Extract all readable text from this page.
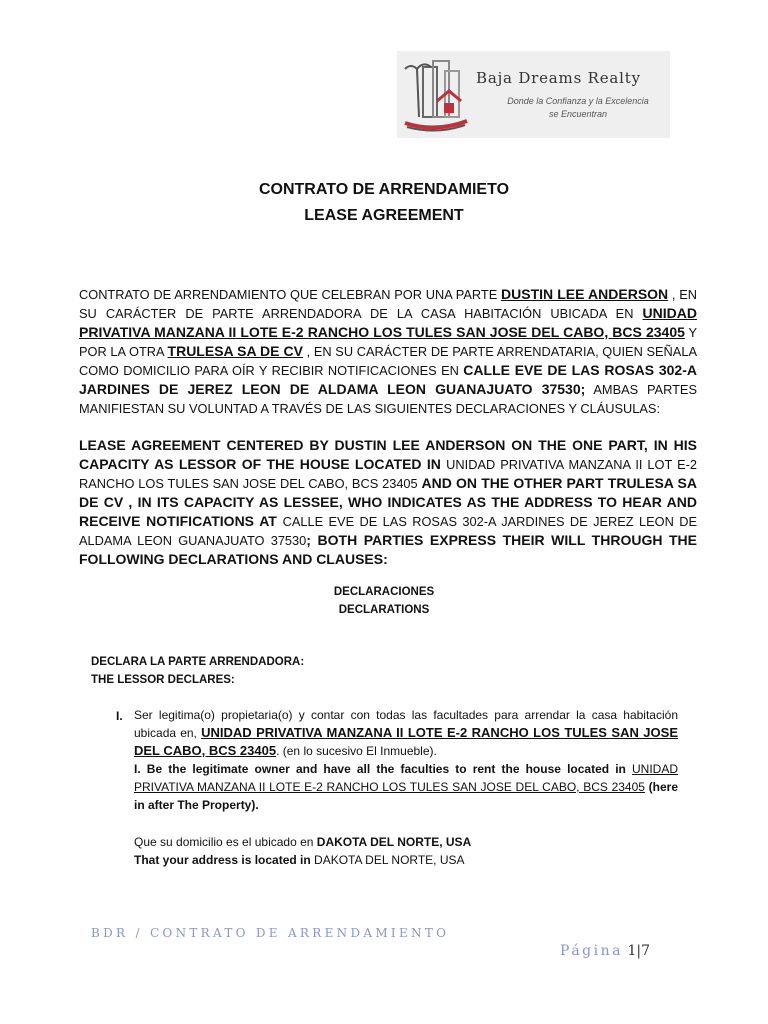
Baja Dreams Realty
Donde la Confianza y la Excelencia
se Encuentran
CONTRATO DE ARRENDAMIETO
LEASE AGREEMENT
CONTRATO DE ARRENDAMIENTO QUE CELEBRAN POR UNA PARTE DUSTIN LEE ANDERSON , EN SU CARÁCTER DE PARTE ARRENDADORA DE LA CASA HABITACIÓN UBICADA EN UNIDAD PRIVATIVA MANZANA II LOTE E-2 RANCHO LOS TULES SAN JOSE DEL CABO, BCS 23405 Y POR LA OTRA TRULESA SA DE CV , EN SU CARÁCTER DE PARTE ARRENDATARIA, QUIEN SEÑALA COMO DOMICILIO PARA OÍR Y RECIBIR NOTIFICACIONES EN CALLE EVE DE LAS ROSAS 302-A JARDINES DE JEREZ LEON DE ALDAMA LEON GUANAJUATO 37530; AMBAS PARTES MANIFIESTAN SU VOLUNTAD A TRAVÉS DE LAS SIGUIENTES DECLARACIONES Y CLÁUSULAS:
LEASE AGREEMENT CENTERED BY DUSTIN LEE ANDERSON ON THE ONE PART, IN HIS CAPACITY AS LESSOR OF THE HOUSE LOCATED IN UNIDAD PRIVATIVA MANZANA II LOT E-2 RANCHO LOS TULES SAN JOSE DEL CABO, BCS 23405 AND ON THE OTHER PART TRULESA SA DE CV , IN ITS CAPACITY AS LESSEE, WHO INDICATES AS THE ADDRESS TO HEAR AND RECEIVE NOTIFICATIONS AT CALLE EVE DE LAS ROSAS 302-A JARDINES DE JEREZ LEON DE ALDAMA LEON GUANAJUATO 37530; BOTH PARTIES EXPRESS THEIR WILL THROUGH THE FOLLOWING DECLARATIONS AND CLAUSES:
DECLARACIONES
DECLARATIONS
DECLARA LA PARTE ARRENDADORA:
THE LESSOR DECLARES:
I. Ser legitima(o) propietaria(o) y contar con todas las facultades para arrendar la casa habitación ubicada en, UNIDAD PRIVATIVA MANZANA II LOTE E-2 RANCHO LOS TULES SAN JOSE DEL CABO, BCS 23405. (en lo sucesivo El Inmueble).
I. Be the legitimate owner and have all the faculties to rent the house located in UNIDAD PRIVATIVA MANZANA II LOTE E-2 RANCHO LOS TULES SAN JOSE DEL CABO, BCS 23405 (here in after The Property).
Que su domicilio es el ubicado en DAKOTA DEL NORTE, USA
That your address is located in DAKOTA DEL NORTE, USA
BDR / CONTRATO DE ARRENDAMIENTO
Página 1|7
